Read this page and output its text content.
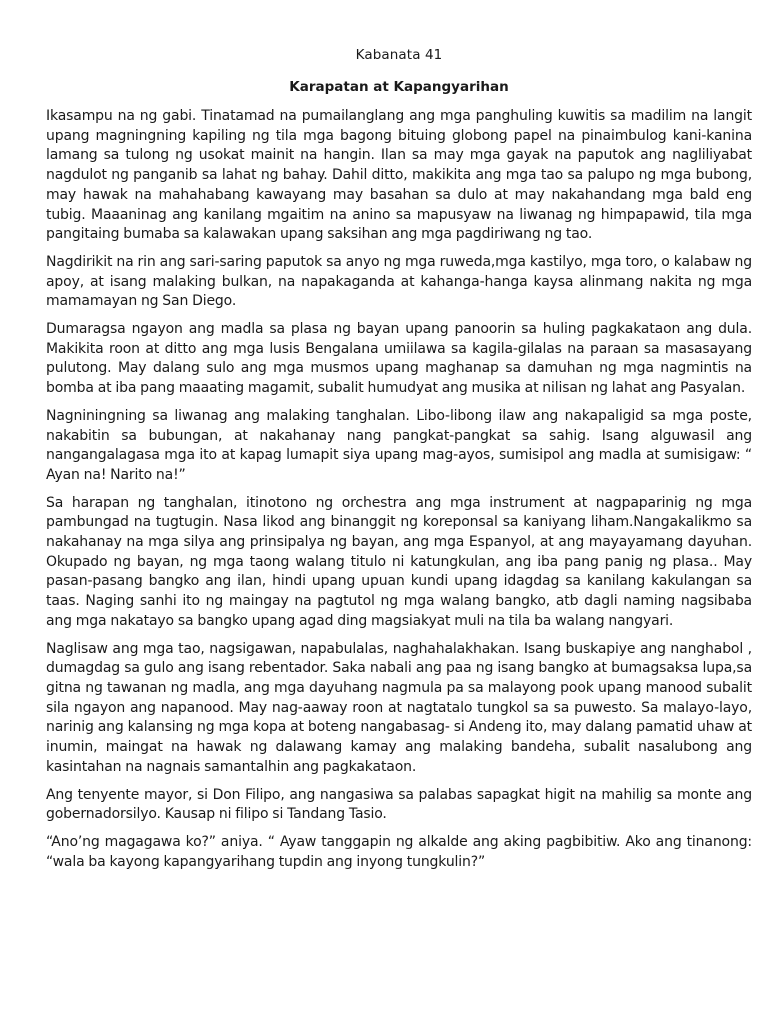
Kabanata 41
Karapatan at Kapangyarihan

Ikasampu na ng gabi. Tinatamad na pumailanglang ang mga panghuling kuwitis sa madilim na langit upang magningning kapiling ng tila mga bagong bituing globong papel na pinaimbulog kani-kanina lamang sa tulong ng usokat mainit na hangin. Ilan sa may mga gayak na paputok ang nagliliyabat nagdulot ng panganib sa lahat ng bahay. Dahil ditto, makikita ang mga tao sa palupo ng mga bubong, may hawak na mahahabang kawayang may basahan sa dulo at may nakahandang mga bald eng tubig. Maaaninag ang kanilang mgaitim na anino sa mapusyaw na liwanag ng himpapawid, tila mga pangitaing bumaba sa kalawakan upang saksihan ang mga pagdiriwang ng tao.

Nagdirikit na rin ang sari-saring paputok sa anyo ng mga ruweda,mga kastilyo, mga toro, o kalabaw ng apoy, at isang malaking bulkan, na napakaganda at kahanga-hanga kaysa alinmang nakita ng mga mamamayan ng San Diego.

Dumaragsa ngayon ang madla sa plasa ng bayan upang panoorin sa huling pagkakataon ang dula. Makikita roon at ditto ang mga lusis Bengalana umiilawa sa kagila-gilalas na paraan sa masasayang pulutong. May dalang sulo ang mga musmos upang maghanap sa damuhan ng mga nagmintis na bomba at iba pang maaating magamit, subalit humudyat ang musika at nilisan ng lahat ang Pasyalan.

Nagniningning sa liwanag ang malaking tanghalan. Libo-libong ilaw ang nakapaligid sa mga poste, nakabitin sa bubungan, at nakahanay nang pangkat-pangkat sa sahig. Isang alguwasil ang nangangalagasa mga ito at kapag lumapit siya upang mag-ayos, sumisipol ang madla at sumisigaw: “ Ayan na! Narito na!”

Sa harapan ng tanghalan, itinotono ng orchestra ang mga instrument at nagpaparinig ng mga pambungad na tugtugin. Nasa likod ang binanggit ng koreponsal sa kaniyang liham.Nangakalikmo sa nakahanay na mga silya ang prinsipalya ng bayan, ang mga Espanyol, at ang mayayamang dayuhan. Okupado ng bayan, ng mga taong walang titulo ni katungkulan, ang iba pang panig ng plasa.. May pasan-pasang bangko ang ilan, hindi upang upuan kundi upang idagdag sa kanilang kakulangan sa taas. Naging sanhi ito ng maingay na pagtutol ng mga walang bangko, atb dagli naming nagsibaba ang mga nakatayo sa bangko upang agad ding magsiakyat muli na tila ba walang nangyari.

Naglisaw ang mga tao, nagsigawan, napabulalas, naghahalakhakan. Isang buskapiye ang nanghabol , dumagdag sa gulo ang isang rebentador. Saka nabali ang paa ng isang bangko at bumagsaksa lupa,sa gitna ng tawanan ng madla, ang mga dayuhang nagmula pa sa malayong pook upang manood subalit sila ngayon ang napanood. May nag-aaway roon at nagtatalo tungkol sa sa puwesto. Sa malayo-layo, narinig ang kalansing ng mga kopa at boteng nangabasag- si Andeng ito, may dalang pamatid uhaw at inumin, maingat na hawak ng dalawang kamay ang malaking bandeha, subalit nasalubong ang kasintahan na nagnais samantalhin ang pagkakataon.

Ang tenyente mayor, si Don Filipo, ang nangasiwa sa palabas sapagkat higit na mahilig sa monte ang gobernadorsilyo. Kausap ni filipo si Tandang Tasio.

“Ano’ng magagawa ko?” aniya. “ Ayaw tanggapin ng alkalde ang aking pagbibitiw. Ako ang tinanong: “wala ba kayong kapangyarihang tupdin ang inyong tungkulin?”
